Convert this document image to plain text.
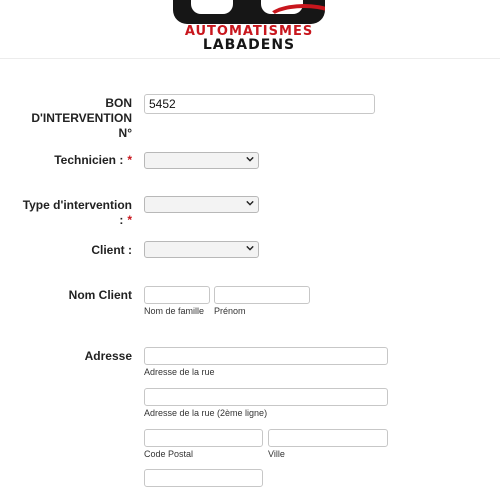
AUTOMATISMES
LABADENS
BON
D'INTERVENTION
N°
5452
Technicien : *
Type d'intervention
: *
Client :
Nom Client
Nom de famille Prénom
Adresse
Adresse de la rue
Adresse de la rue (2ème ligne)
Code Postal	Ville
